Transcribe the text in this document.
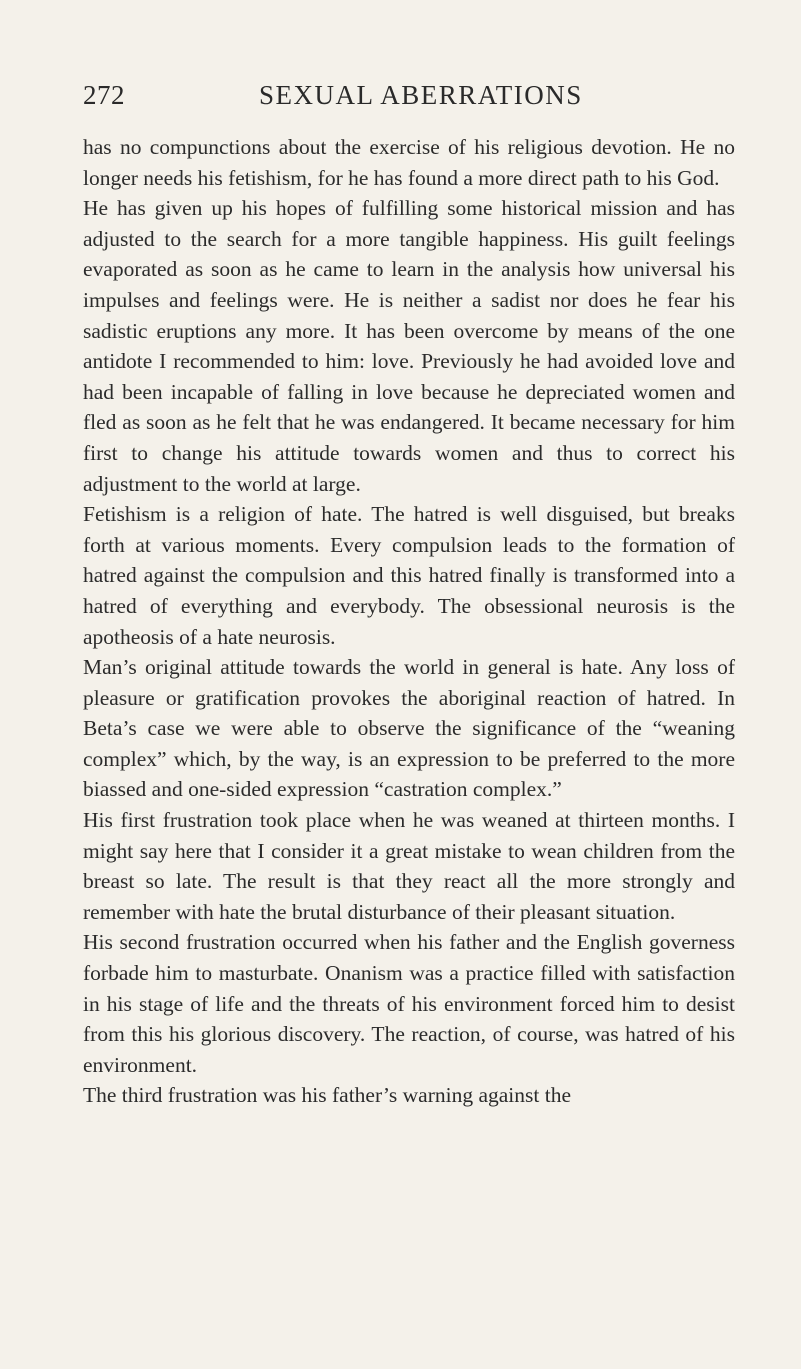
272	SEXUAL ABERRATIONS

has no compunctions about the exercise of his religious devotion. He no longer needs his fetishism, for he has found a more direct path to his God.

He has given up his hopes of fulfilling some historical mission and has adjusted to the search for a more tangible happiness. His guilt feelings evaporated as soon as he came to learn in the analysis how universal his impulses and feelings were. He is neither a sadist nor does he fear his sadistic eruptions any more. It has been overcome by means of the one antidote I recommended to him: love. Previously he had avoided love and had been incapable of falling in love because he depreciated women and fled as soon as he felt that he was endangered. It became necessary for him first to change his attitude towards women and thus to correct his adjustment to the world at large.

Fetishism is a religion of hate. The hatred is well disguised, but breaks forth at various moments. Every compulsion leads to the formation of hatred against the compulsion and this hatred finally is transformed into a hatred of everything and everybody. The obsessional neurosis is the apotheosis of a hate neurosis.

Man’s original attitude towards the world in general is hate. Any loss of pleasure or gratification provokes the aboriginal reaction of hatred. In Beta’s case we were able to observe the significance of the “weaning complex” which, by the way, is an expression to be preferred to the more biassed and one-sided expression “castration complex.”

His first frustration took place when he was weaned at thirteen months. I might say here that I consider it a great mistake to wean children from the breast so late. The result is that they react all the more strongly and remember with hate the brutal disturbance of their pleasant situation.

His second frustration occurred when his father and the English governess forbade him to masturbate. Onanism was a practice filled with satisfaction in his stage of life and the threats of his environment forced him to desist from this his glorious discovery. The reaction, of course, was hatred of his environment.

The third frustration was his father’s warning against the
